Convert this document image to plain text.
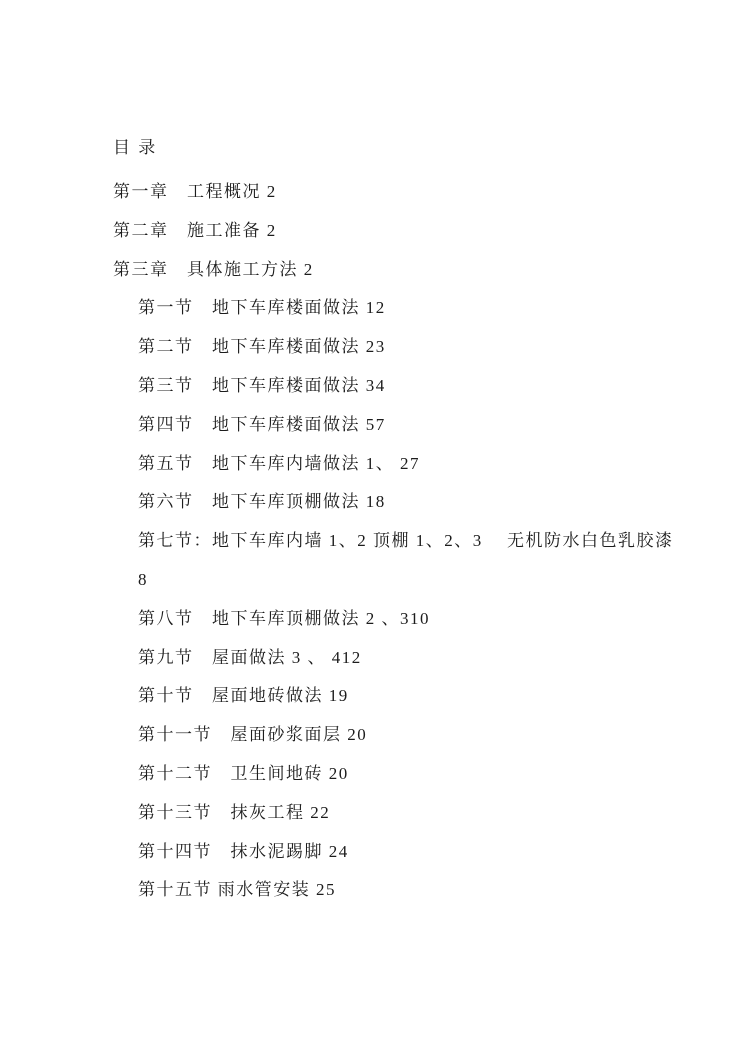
目 录
第一章　工程概况 2
第二章　施工准备 2
第三章　具体施工方法 2
第一节　地下车库楼面做法 12
第二节　地下车库楼面做法 23
第三节　地下车库楼面做法 34
第四节　地下车库楼面做法 57
第五节　地下车库内墙做法 1、 27
第六节　地下车库顶棚做法 18
第七节：地下车库内墙 1、2 顶棚 1、2、3　 无机防水白色乳胶漆
8
第八节　地下车库顶棚做法 2 、310
第九节　屋面做法 3 、 412
第十节　屋面地砖做法 19
第十一节　屋面砂浆面层 20
第十二节　卫生间地砖 20
第十三节　抹灰工程 22
第十四节　抹水泥踢脚 24
第十五节 雨水管安装 25
